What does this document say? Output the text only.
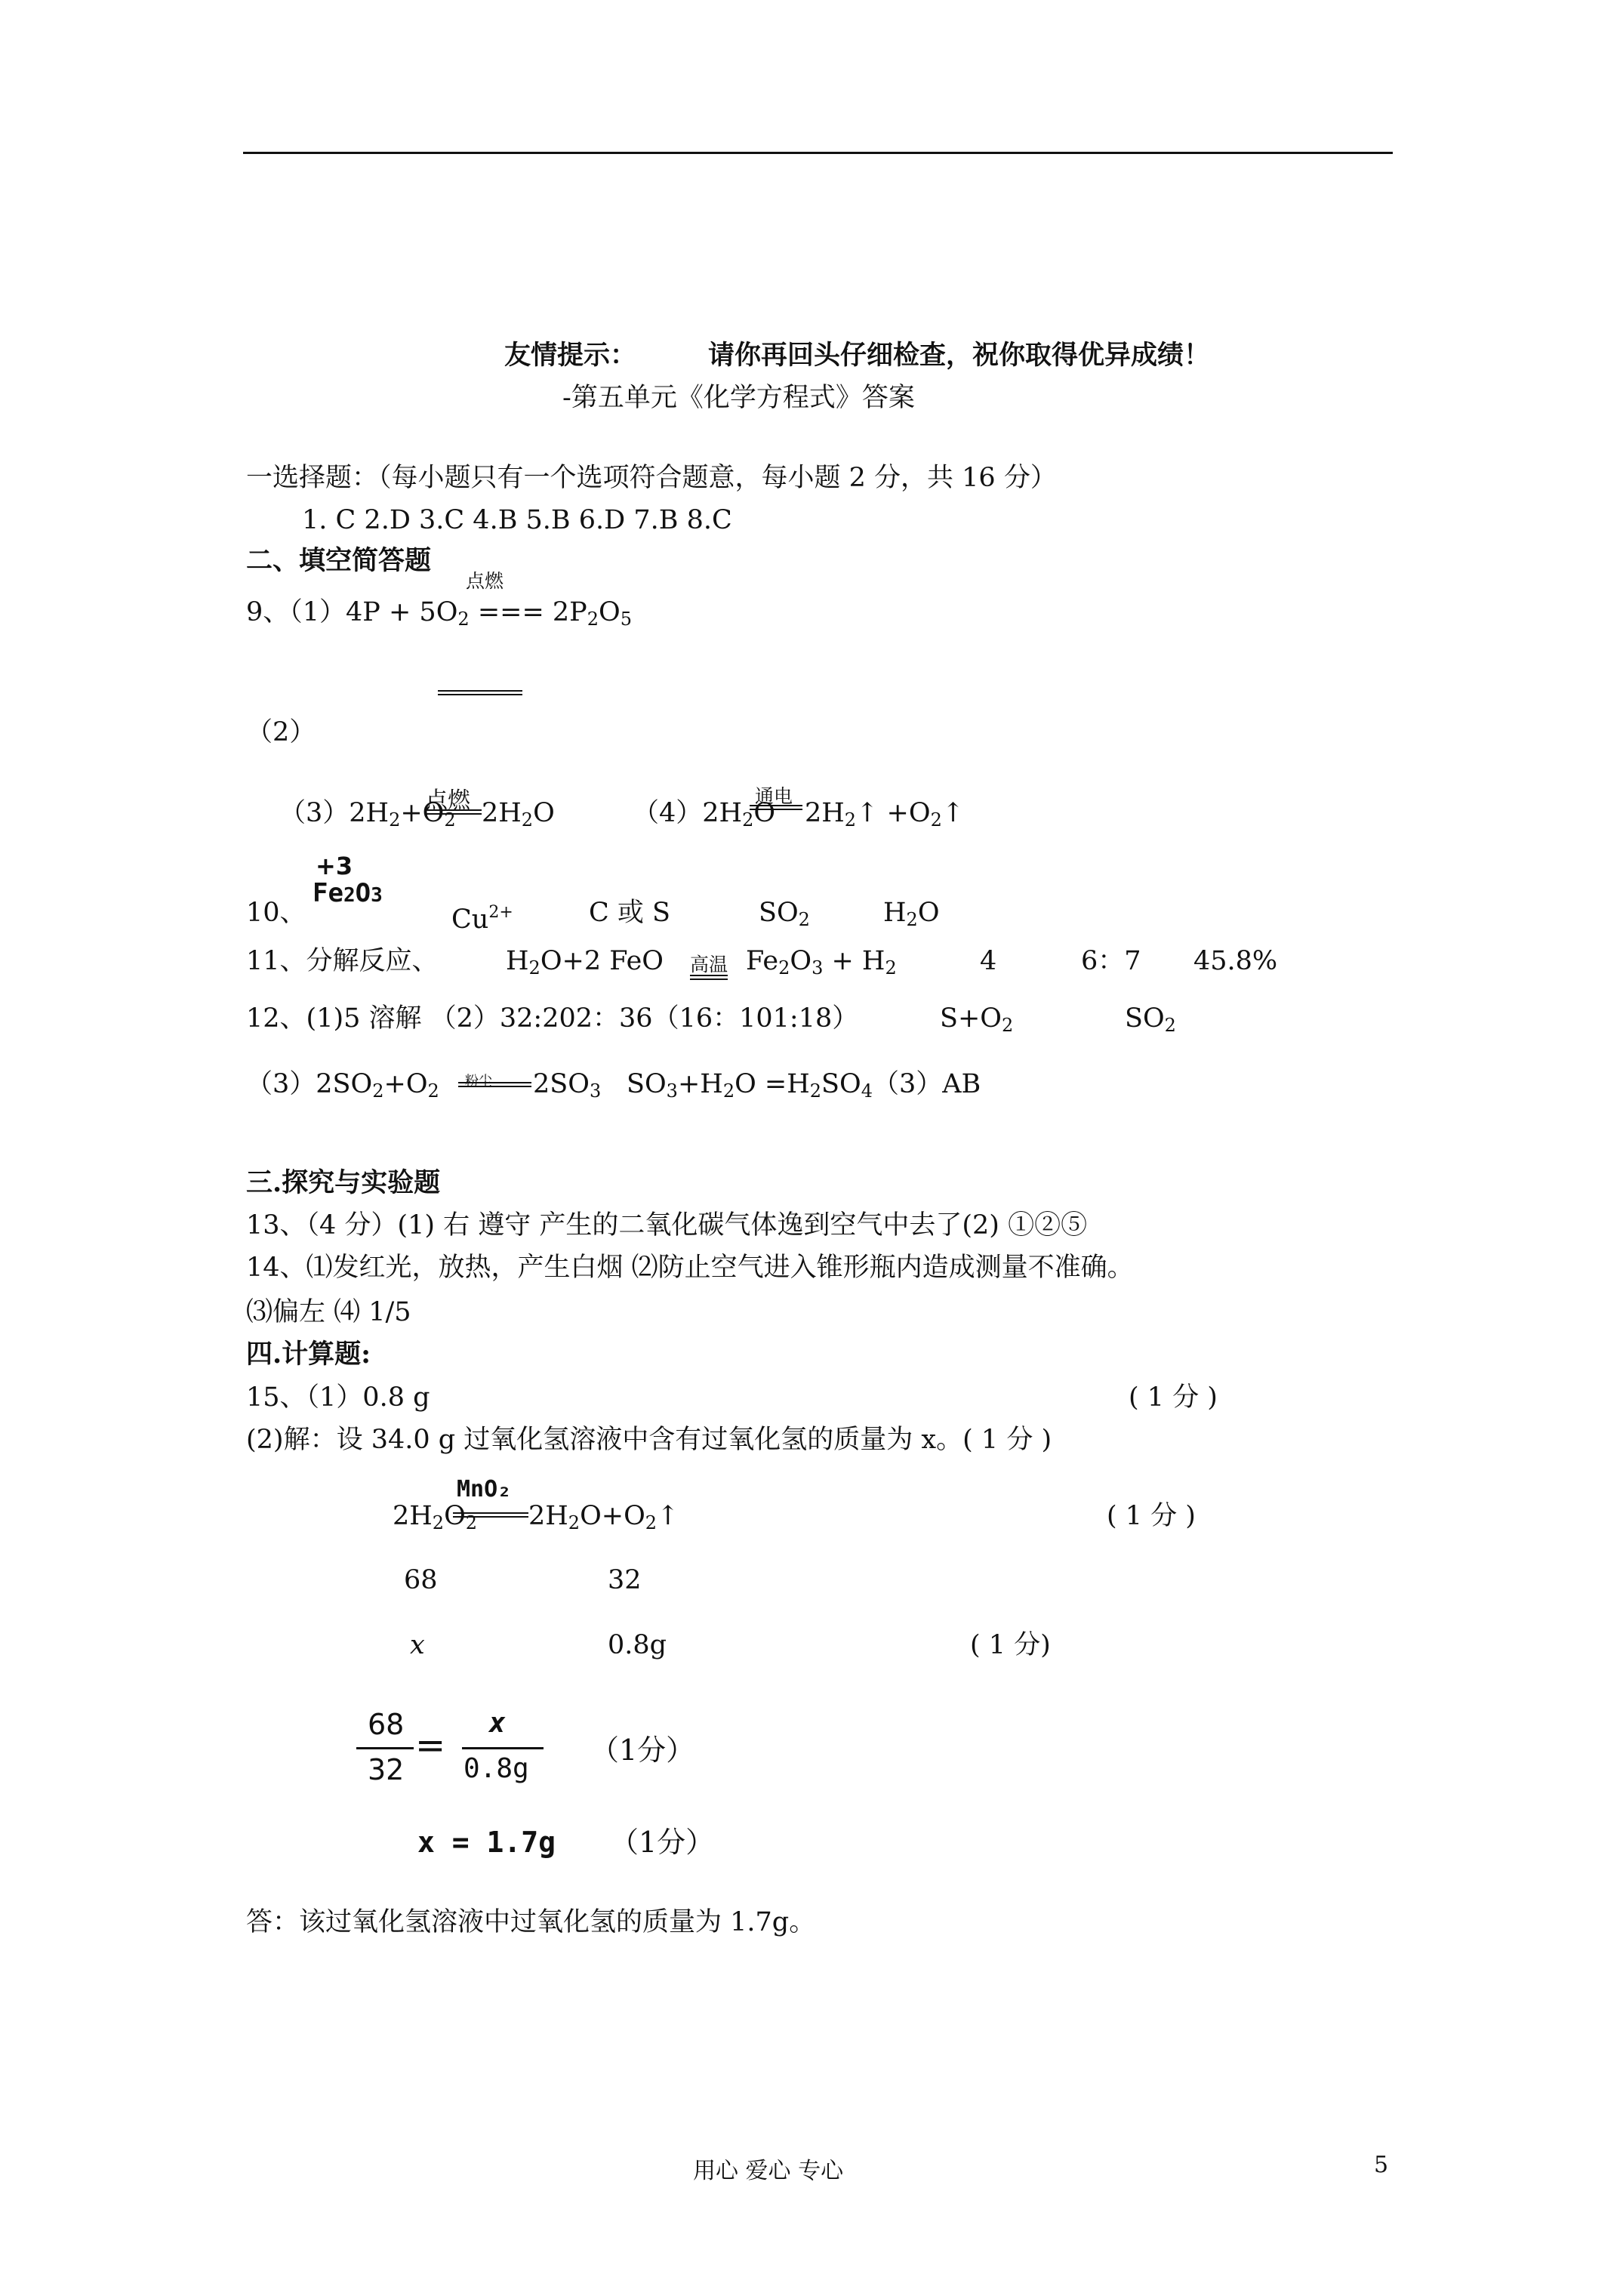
友情提示：	请你再回头仔细检查，祝你取得优异成绩！
-第五单元《化学方程式》答案
一选择题：（每小题只有一个选项符合题意，每小题 2 分，共 16 分）
1. C 2.D 3.C 4.B 5.B 6.D 7.B 8.C
二、填空简答题
点燃
9、$(1)4P + 5O_2$ === $2P_2O_5$
（2）
点燃
$(3)2H_2+O_2$ $2H_2O$
通电
$(4)2H_2O$ $2H_2↑$ $+O_2↑$
+3
Fe2O3
10、	$Cu^{2+}$	C 或 S	$SO_2$	$H_2O$
11、分解反应、	$H_2O+2$ FeO 高温 $Fe_2O_3 + H_2$	4	6：7 45.8%
12、(1)5 溶解 （2）32:202：36（16：101:18）	$S+O_2$	$SO_2$
$(3)2SO_2+O_2$ 粉尘 $2SO_3$ $SO_3+H_2O =H_2SO_4(3)AB$
三.探究与实验题
13、（4 分）(1) 右 遵守 产生的二氧化碳气体逸到空气中去了(2) ①②⑤
14、⑴发红光，放热，产生白烟 ⑵防止空气进入锥形瓶内造成测量不准确。
⑶偏左 ⑷ 1/5
四.计算题:
15、（1）0.8 g	( 1 分 )
(2)解：设 34.0 g 过氧化氢溶液中含有过氧化氢的质量为 x。( 1 分 )
MnO₂
$2H_2O_2$ $2H_2O+O_2↑$	( 1 分 )
68	32
x	0.8g	( 1 分)
68
32
=
x
0.8g
（1分）
x = 1.7g （1分）
答：该过氧化氢溶液中过氧化氢的质量为 1.7g。
用心 爱心 专心	5
